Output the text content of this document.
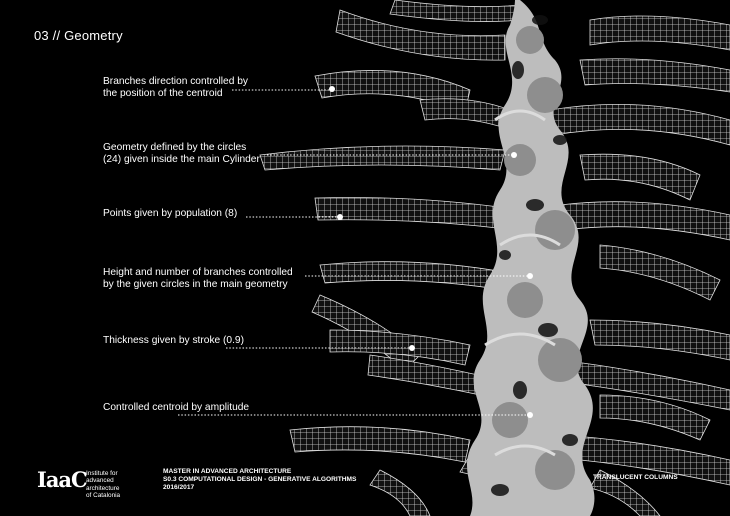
03 // Geometry
Branches direction controlled by
the position of the centroid
Geometry defined by the circles
(24) given inside the main Cylinder
Points given by population (8)
Height and number of branches controlled
by the given circles in the main geometry
Thickness given by stroke (0.9)
Controlled centroid by amplitude
IaaC Institute for
advanced
architecture
of Catalonia
MASTER IN ADVANCED ARCHITECTURE
S0.3 COMPUTATIONAL DESIGN - GENERATIVE ALGORITHMS
2016/2017
TRANSLUCENT COLUMNS
...
